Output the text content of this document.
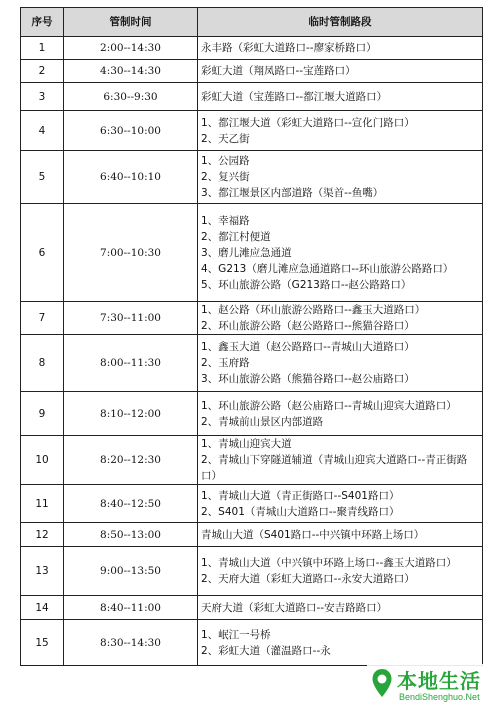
序号	管制时间	临时管制路段
1	2:00--14:30	永丰路（彩虹大道路口--廖家桥路口）

2	4:30--14:30	彩虹大道（翔凤路口--宝莲路口）

3	6:30--9:30	彩虹大道（宝莲路口--都江堰大道路口）

4	6:30--10:00	1、都江堰大道（彩虹大道路口--宣化门路口）
2、天乙街

5	6:40--10:10	1、公园路
2、复兴街
3、都江堰景区内部道路（渠首--鱼嘴）

6	7:00--10:30	1、幸福路
2、都江村便道
3、磨儿滩应急通道
4、G213（磨儿滩应急通道路口--环山旅游公路路口）
5、环山旅游公路（G213路口--赵公路路口）

7	7:30--11:00	1、赵公路（环山旅游公路路口--鑫玉大道路口）
2、环山旅游公路（赵公路路口--熊猫谷路口）

8	8:00--11:30	1、鑫玉大道（赵公路路口--青城山大道路口）
2、玉府路
3、环山旅游公路（熊猫谷路口--赵公庙路口）

9	8:10--12:00	1、环山旅游公路（赵公庙路口--青城山迎宾大道路口）
2、青城前山景区内部道路

10	8:20--12:30	1、青城山迎宾大道
2、青城山下穿隧道辅道（青城山迎宾大道路口--青正街路口）

11	8:40--12:50	1、青城山大道（青正街路口--S401路口）
2、S401（青城山大道路口--聚青线路口）

12	8:50--13:00	青城山大道（S401路口--中兴镇中环路上场口）

13	9:00--13:50	1、青城山大道（中兴镇中环路上场口--鑫玉大道路口）
2、天府大道（彩虹大道路口--永安大道路口）

14	8:40--11:00	天府大道（彩虹大道路口--安吉路路口）

15	8:30--14:30	1、岷江一号桥
2、彩虹大道（灌温路口--永
本地生活
BendiShenghuo.Net
